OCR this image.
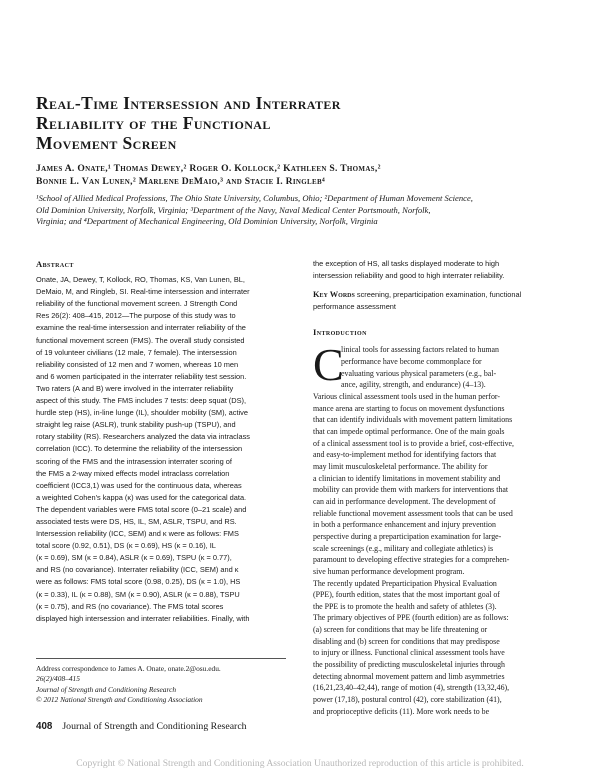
Real-Time Intersession and Interrater
Reliability of the Functional
Movement Screen
James A. Onate,¹ Thomas Dewey,² Roger O. Kollock,² Kathleen S. Thomas,²
Bonnie L. Van Lunen,² Marlene DeMaio,³ and Stacie I. Ringleb⁴
¹School of Allied Medical Professions, The Ohio State University, Columbus, Ohio; ²Department of Human Movement Science,
Old Dominion University, Norfolk, Virginia; ³Department of the Navy, Naval Medical Center Portsmouth, Norfolk,
Virginia; and ⁴Department of Mechanical Engineering, Old Dominion University, Norfolk, Virginia
Abstract
Onate, JA, Dewey, T, Kollock, RO, Thomas, KS, Van Lunen, BL,
DeMaio, M, and Ringleb, SI. Real-time intersession and interrater
reliability of the functional movement screen. J Strength Cond
Res 26(2): 408–415, 2012—The purpose of this study was to
examine the real-time intersession and interrater reliability of the
functional movement screen (FMS). The overall study consisted
of 19 volunteer civilians (12 male, 7 female). The intersession
reliability consisted of 12 men and 7 women, whereas 10 men
and 6 women participated in the interrater reliability test session.
Two raters (A and B) were involved in the interrater reliability
aspect of this study. The FMS includes 7 tests: deep squat (DS),
hurdle step (HS), in-line lunge (IL), shoulder mobility (SM), active
straight leg raise (ASLR), trunk stability push-up (TSPU), and
rotary stability (RS). Researchers analyzed the data via intraclass
correlation (ICC). To determine the reliability of the intersession
scoring of the FMS and the intrasession interrater scoring of
the FMS a 2-way mixed effects model intraclass correlation
coefficient (ICC3,1) was used for the continuous data, whereas
a weighted Cohen's kappa (κ) was used for the categorical data.
The dependent variables were FMS total score (0–21 scale) and
associated tests were DS, HS, IL, SM, ASLR, TSPU, and RS.
Intersession reliability (ICC, SEM) and κ were as follows: FMS
total score (0.92, 0.51), DS (κ = 0.69), HS (κ = 0.16), IL
(κ = 0.69), SM (κ = 0.84), ASLR (κ = 0.69), TSPU (κ = 0.77),
and RS (no covariance). Interrater reliability (ICC, SEM) and κ
were as follows: FMS total score (0.98, 0.25), DS (κ = 1.0), HS
(κ = 0.33), IL (κ = 0.88), SM (κ = 0.90), ASLR (κ = 0.88), TSPU
(κ = 0.75), and RS (no covariance). The FMS total scores
displayed high intersession and interrater reliabilities. Finally, with
the exception of HS, all tasks displayed moderate to high
intersession reliability and good to high interrater reliability.
Key Words screening, preparticipation examination, functional
performance assessment
Introduction
C
linical tools for assessing factors related to human
performance have become commonplace for
evaluating various physical parameters (e.g., bal-
ance, agility, strength, and endurance) (4–13).
Various clinical assessment tools used in the human perfor-
mance arena are starting to focus on movement dysfunctions
that can identify individuals with movement pattern limitations
that can impede optimal performance. One of the main goals
of a clinical assessment tool is to provide a brief, cost-effective,
and easy-to-implement method for identifying factors that
may limit musculoskeletal performance. The ability for
a clinician to identify limitations in movement stability and
mobility can provide them with markers for interventions that
can aid in performance development. The development of
reliable functional movement assessment tools that can be used
in both a performance enhancement and injury prevention
perspective during a preparticipation examination for large-
scale screenings (e.g., military and collegiate athletics) is
paramount to developing effective strategies for a comprehen-
sive human performance development program.
The recently updated Preparticipation Physical Evaluation
(PPE), fourth edition, states that the most important goal of
the PPE is to promote the health and safety of athletes (3).
The primary objectives of PPE (fourth edition) are as follows:
(a) screen for conditions that may be life threatening or
disabling and (b) screen for conditions that may predispose
to injury or illness. Functional clinical assessment tools have
the possibility of predicting musculoskeletal injuries through
detecting abnormal movement pattern and limb asymmetries
(16,21,23,40–42,44), range of motion (4), strength (13,32,46),
power (17,18), postural control (42), core stabilization (41),
and proprioceptive deficits (11). More work needs to be
Address correspondence to James A. Onate, onate.2@osu.edu.
26(2)/408–415
Journal of Strength and Conditioning Research
© 2012 National Strength and Conditioning Association
408 Journal of Strength and Conditioning Research
Copyright © National Strength and Conditioning Association Unauthorized reproduction of this article is prohibited.
